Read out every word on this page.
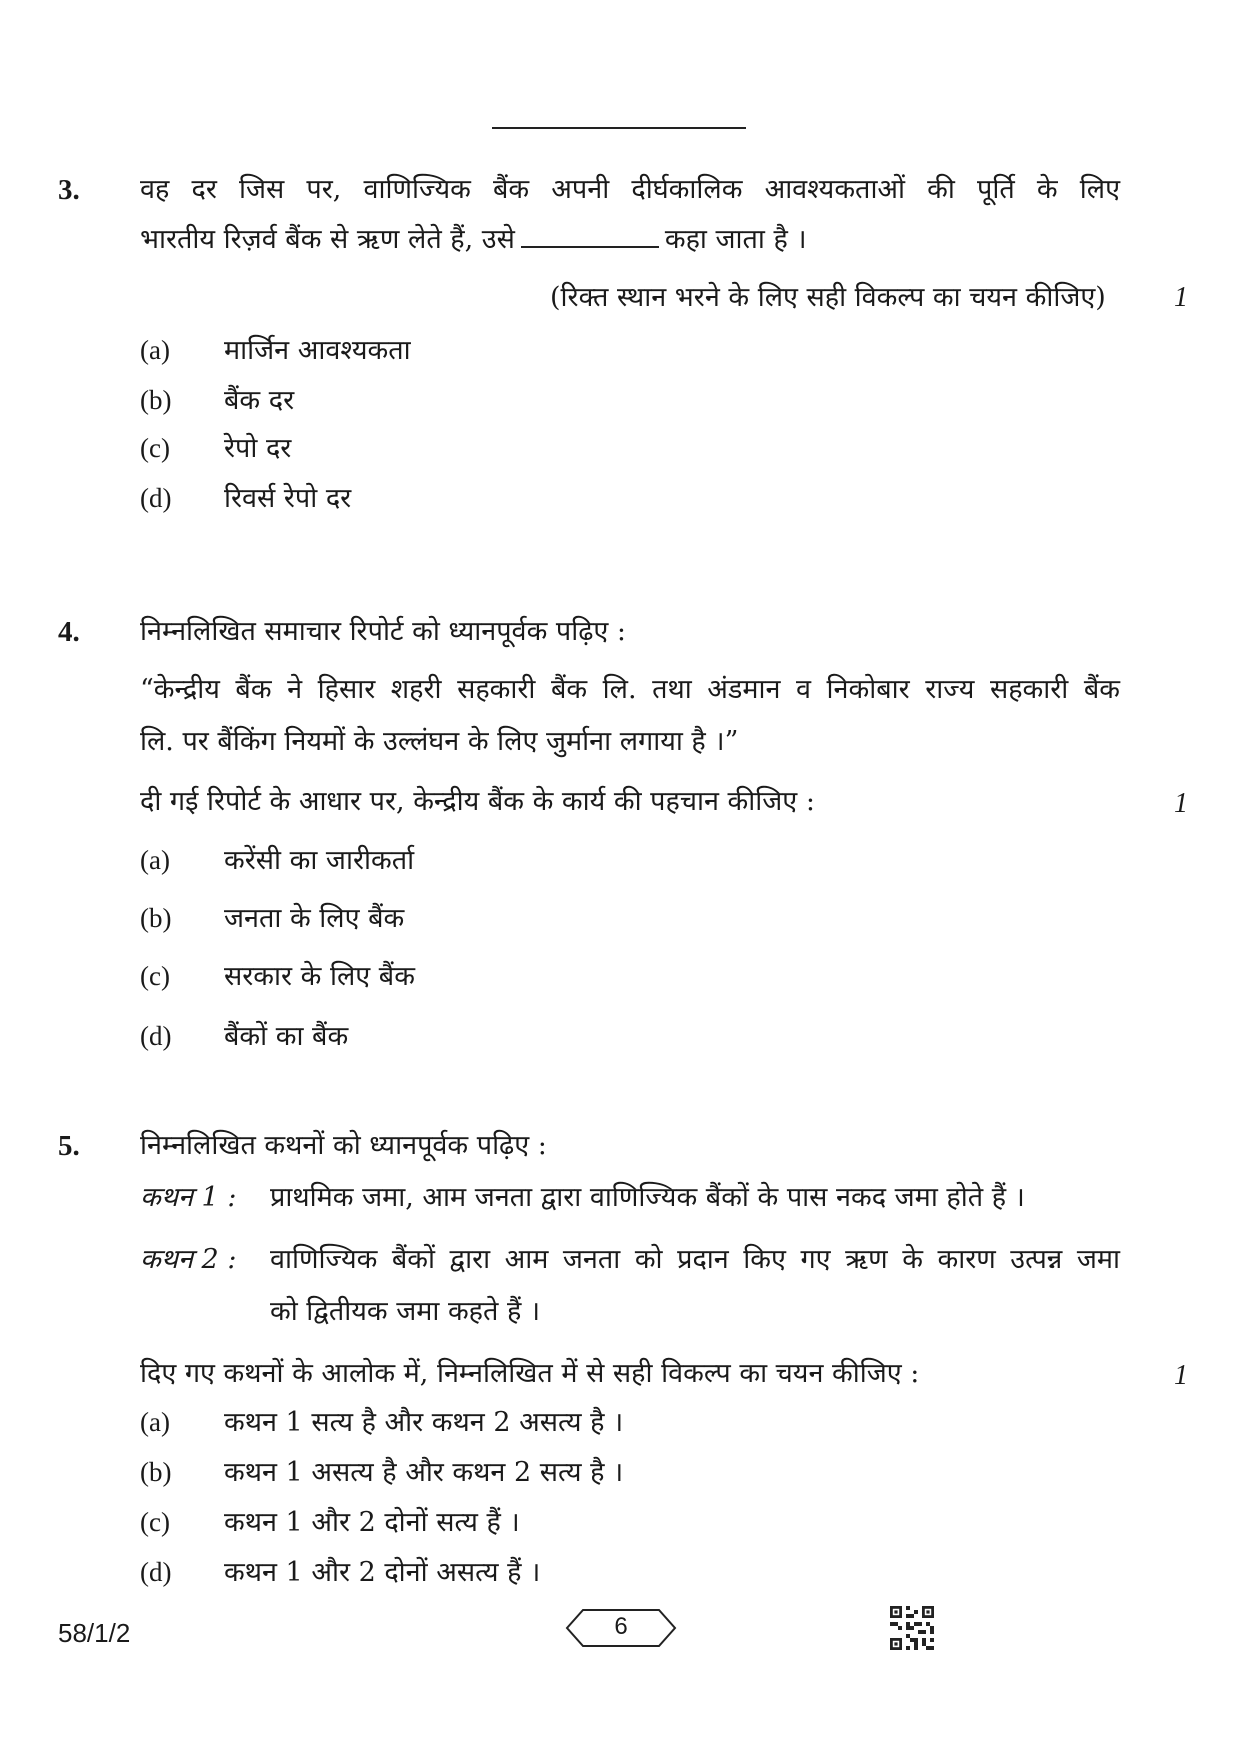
3. वह दर जिस पर, वाणिज्यिक बैंक अपनी दीर्घकालिक आवश्यकताओं की पूर्ति के लिए
भारतीय रिज़र्व बैंक से ऋण लेते हैं, उसे	कहा जाता है ।
(रिक्त स्थान भरने के लिए सही विकल्प का चयन कीजिए) 1
(a) मार्जिन आवश्यकता
(b) बैंक दर
(c) रेपो दर
(d) रिवर्स रेपो दर
4. निम्नलिखित समाचार रिपोर्ट को ध्यानपूर्वक पढ़िए :
“केन्द्रीय बैंक ने हिसार शहरी सहकारी बैंक लि. तथा अंडमान व निकोबार राज्य सहकारी बैंक
लि. पर बैंकिंग नियमों के उल्लंघन के लिए जुर्माना लगाया है ।”
दी गई रिपोर्ट के आधार पर, केन्द्रीय बैंक के कार्य की पहचान कीजिए :	1
(a) करेंसी का जारीकर्ता
(b) जनता के लिए बैंक
(c) सरकार के लिए बैंक
(d) बैंकों का बैंक
5. निम्नलिखित कथनों को ध्यानपूर्वक पढ़िए :
कथन 1 : प्राथमिक जमा, आम जनता द्वारा वाणिज्यिक बैंकों के पास नकद जमा होते हैं ।
कथन 2 : वाणिज्यिक बैंकों द्वारा आम जनता को प्रदान किए गए ऋण के कारण उत्पन्न जमा
को द्वितीयक जमा कहते हैं ।
दिए गए कथनों के आलोक में, निम्नलिखित में से सही विकल्प का चयन कीजिए :	1
(a) कथन 1 सत्य है और कथन 2 असत्य है ।
(b) कथन 1 असत्य है और कथन 2 सत्य है ।
(c) कथन 1 और 2 दोनों सत्य हैं ।
(d) कथन 1 और 2 दोनों असत्य हैं ।
58/1/2	6
